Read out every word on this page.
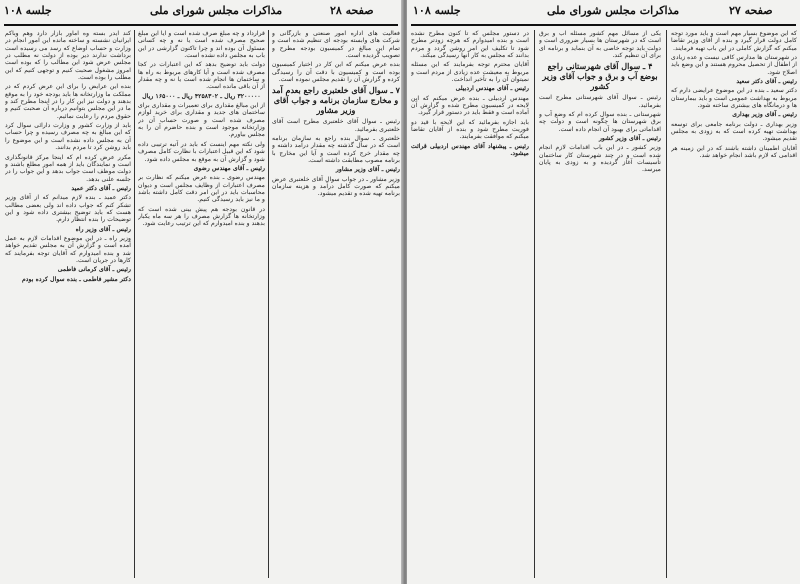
جلسه ۱۰۸	مذاکرات مجلس شورای ملی	صفحه ۲۸

فعالیت های اداره امور صنعتی و بازرگانی و شرکت های وابسته بودجه ای تنظیم شده است و تمام این مبالغ در کمیسیون بودجه مطرح و تصویب گردیده است.

بنده عرض میکنم که این کار در اختیار کمیسیون بوده است و کمیسیون با دقت آن را رسیدگی کرده و گزارش آن را تقدیم مجلس نموده است.

۷ ـ سوال آقای خلعتبری راجع بعدم آمد و مخارج سازمان برنامه و جواب آقای وزیر مشاور

رئیس ـ سوال آقای خلعتبری مطرح است آقای خلعتبری بفرمائید.

خلعتبری ـ سوال بنده راجع به سازمان برنامه است که در سال گذشته چه مقدار درآمد داشته و چه مقدار خرج کرده است و آیا این مخارج با برنامه مصوب مطابقت داشته است.

رئیس ـ آقای وزیر مشاور

وزیر مشاور ـ در جواب سوال آقای خلعتبری عرض میکنم که صورت کامل درآمد و هزینه سازمان برنامه تهیه شده و تقدیم میشود.

قرارداد و چه مبلغ صرف شده است و آیا این مبلغ صحیح مصرف شده است یا نه و چه کسانی مسئول آن بوده اند و چرا تاکنون گزارشی در این باب به مجلس داده نشده است.

دولت باید توضیح بدهد که این اعتبارات در کجا مصرف شده است و آیا کارهای مربوط به راه ها و ساختمان ها انجام شده است یا نه و چه مقدار از آن باقی مانده است.

۳۲۰۰۰۰۰ ریال ـ ۴۲۵۸۳۰۲ ریال ـ ۱۶۵۰۰۰ ریال

از این مبالغ مقداری برای تعمیرات و مقداری برای ساختمان های جدید و مقداری برای خرید لوازم مصرف شده است و صورت حساب آن در وزارتخانه موجود است و بنده حاضرم آن را به مجلس بیاورم.

ولی نکته مهم اینست که باید در آتیه ترتیبی داده شود که این قبیل اعتبارات با نظارت کامل مصرف شود و گزارش آن به موقع به مجلس داده شود.

رئیس ـ آقای مهندس رضوی

مهندس رضوی ـ بنده عرض میکنم که نظارت بر مصرف اعتبارات از وظایف مجلس است و دیوان محاسبات باید در این امر دقت کامل داشته باشد و ما نیز باید رسیدگی کنیم.

در قانون بودجه هم پیش بینی شده است که وزارتخانه ها گزارش مصرف را هر سه ماه یکبار بدهند و بنده امیدوارم که این ترتیب رعایت شود.

کند ایدر بسته وه اماور بازار دارد وهم وباکم ایرانیان نشسته و ساخته مانده این امور انجام در وزارت و حساب اوضاع که رسد می رسیده است برداشت ندارند دیر بوده از دولت نه مطلب در مجلس عرض شود این مطالب را که بوده است امروز مشغول صحبت کنیم و توجهی کنیم که این مطلب را بوده است.

بنده این عرایض را برای این عرض کردم که در مملکت ما وزارتخانه ها باید بودجه خود را به موقع بدهند و دولت نیز این کار را در اینجا مطرح کند و ما در این مجلس بتوانیم درباره آن صحبت کنیم و حقوق مردم را رعایت نمائیم.

باید از وزارت کشور و وزارت دارائی سوال کرد که این مبالغ به چه مصرف رسیده و چرا حساب آن به مجلس داده نشده است و این موضوع را باید روشن کرد تا مردم بدانند.

مکرر عرض کرده ام که اینجا مرکز قانونگذاری است و نمایندگان باید از همه امور مطلع باشند و دولت موظف است جواب بدهد و این جواب را در جلسه علنی بدهد.

رئیس ـ آقای دکتر عمید

دکتر عمید ـ بنده لازم میدانم که از آقای وزیر تشکر کنم که جواب داده اند ولی بعضی مطالب هست که باید توضیح بیشتری داده شود و این توضیحات را بنده انتظار دارم.

رئیس ـ آقای وزیر راه

وزیر راه ـ در این موضوع اقدامات لازم به عمل آمده است و گزارش آن به مجلس تقدیم خواهد شد و بنده امیدوارم که آقایان توجه بفرمایند که کارها در جریان است.

رئیس ـ آقای کرمانی فاطمی

دکتر مشیر فاطمی ـ بنده سوال کرده بودم

جلسه ۱۰۸	مذاکرات مجلس شورای ملی	صفحه ۲۷

که این موضوع بسیار مهم است و باید مورد توجه کامل دولت قرار گیرد و بنده از آقای وزیر تقاضا میکنم که گزارش کاملی در این باب تهیه فرمایند.

در شهرستان ها مدارس کافی نیست و عده زیادی از اطفال از تحصیل محروم هستند و این وضع باید اصلاح شود.

رئیس ـ آقای دکتر سعید

دکتر سعید ـ بنده در این موضوع عرایضی دارم که مربوط به بهداشت عمومی است و باید بیمارستان ها و درمانگاه های بیشتری ساخته شود.

رئیس ـ آقای وزیر بهداری

وزیر بهداری ـ دولت برنامه جامعی برای توسعه بهداشت تهیه کرده است که به زودی به مجلس تقدیم میشود.

آقایان اطمینان داشته باشند که در این زمینه هر اقدامی که لازم باشد انجام خواهد شد.

یکی از مسائل مهم کشور مسئله آب و برق است که در شهرستان ها بسیار ضروری است و دولت باید توجه خاصی به آن بنماید و برنامه ای برای آن تنظیم کند.

۴ ـ سوال آقای شهرستانی راجع بوضع آب و برق و جواب آقای وزیر کشور

رئیس ـ سوال آقای شهرستانی مطرح است بفرمائید.

شهرستانی ـ بنده سوال کرده ام که وضع آب و برق شهرستان ها چگونه است و دولت چه اقداماتی برای بهبود آن انجام داده است.

رئیس ـ آقای وزیر کشور

وزیر کشور ـ در این باب اقدامات لازم انجام شده است و در چند شهرستان کار ساختمان تأسیسات آغاز گردیده و به زودی به پایان میرسد.

در دستور مجلس که تا کنون مطرح نشده است و بنده امیدوارم که هرچه زودتر مطرح شود تا تکلیف این امر روشن گردد و مردم بدانند که مجلس به کار آنها رسیدگی میکند.

آقایان محترم توجه بفرمایند که این مسئله مربوط به معیشت عده زیادی از مردم است و نمیتوان آن را به تأخیر انداخت.

رئیس ـ آقای مهندس اردبیلی

مهندس اردبیلی ـ بنده عرض میکنم که این لایحه در کمیسیون مطرح شده و گزارش آن آماده است و فقط باید در دستور قرار گیرد.

باید اجازه بفرمائید که این لایحه با قید دو فوریت مطرح شود و بنده از آقایان تقاضا میکنم که موافقت بفرمایند.

رئیس ـ پیشنهاد آقای مهندس اردبیلی قرائت میشود.
